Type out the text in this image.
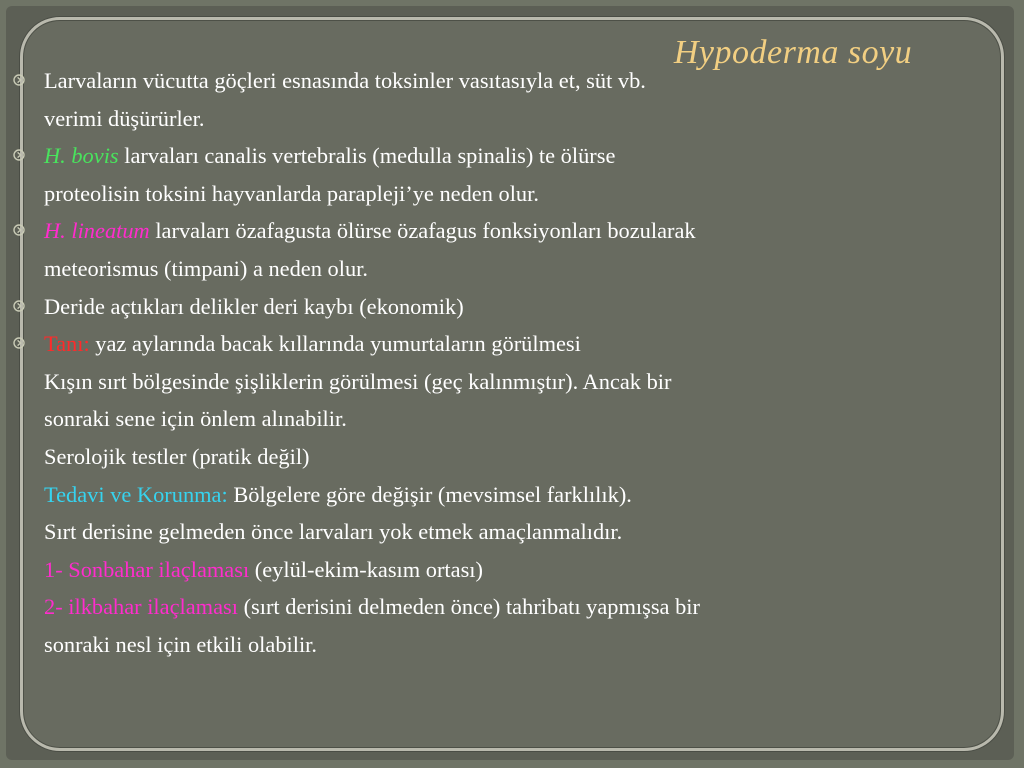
Hypoderma soyu
Larvaların vücutta göçleri esnasında toksinler vasıtasıyla et, süt vb.
verimi düşürürler.
H. bovis larvaları canalis vertebralis (medulla spinalis) te ölürse
proteolisin toksini hayvanlarda parapleji’ye neden olur.
H. lineatum larvaları özafagusta ölürse özafagus fonksiyonları bozularak
meteorismus (timpani) a neden olur.
Deride açtıkları delikler deri kaybı (ekonomik)
Tanı: yaz aylarında bacak kıllarında yumurtaların görülmesi
Kışın sırt bölgesinde şişliklerin görülmesi (geç kalınmıştır). Ancak bir
sonraki sene için önlem alınabilir.
Serolojik testler (pratik değil)
Tedavi ve Korunma: Bölgelere göre değişir (mevsimsel farklılık).
Sırt derisine gelmeden önce larvaları yok etmek amaçlanmalıdır.
1- Sonbahar ilaçlaması (eylül-ekim-kasım ortası)
2- ilkbahar ilaçlaması (sırt derisini delmeden önce) tahribatı yapmışsa bir
sonraki nesl için etkili olabilir.
